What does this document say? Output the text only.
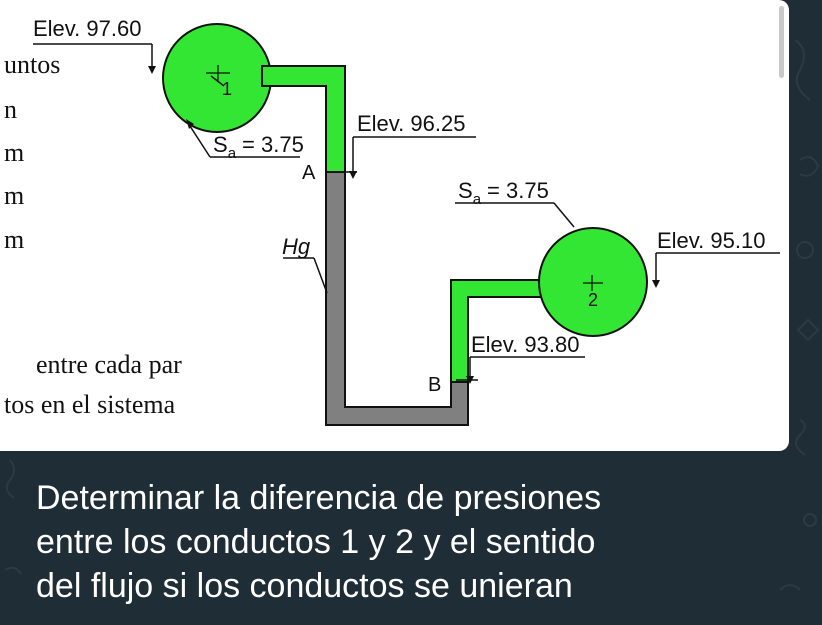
untos
n
m
m
m
entre cada par
tos en el sistema
Elev. 97.60
1
$S_a = 3.75$
Elev. 96.25
A
$S_a = 3.75$
Elev. 95.10
2
Elev. 93.80
B
Hg
Determinar la diferencia de presiones
entre los conductos 1 y 2 y el sentido
del flujo si los conductos se unieran
